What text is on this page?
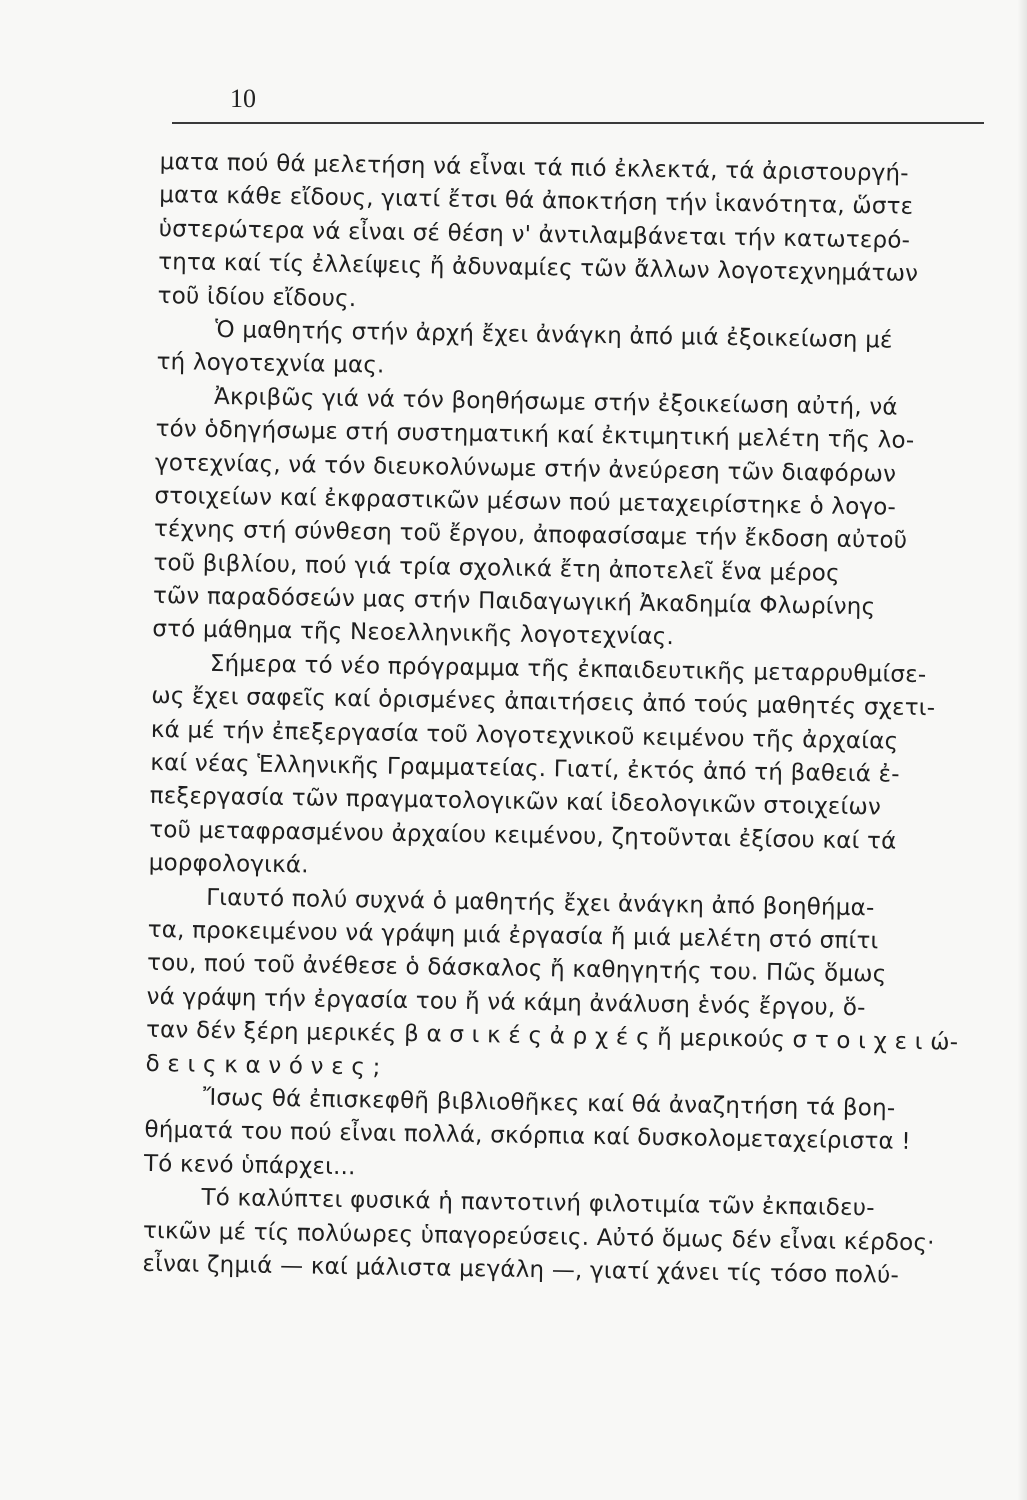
10
ματα πού θά μελετήση νά εἶναι τά πιό ἐκλεκτά, τά ἀριστουργή-
ματα κάθε εἴδους, γιατί ἔτσι θά ἀποκτήση τήν ἱκανότητα, ὥστε
ὑστερώτερα νά εἶναι σέ θέση ν' ἀντιλαμβάνεται τήν κατωτερό-
τητα καί τίς ἐλλείψεις ἤ ἀδυναμίες τῶν ἄλλων λογοτεχνημάτων
τοῦ ἰδίου εἴδους.
Ὁ μαθητής στήν ἀρχή ἔχει ἀνάγκη ἀπό μιά ἐξοικείωση μέ
τή λογοτεχνία μας.
Ἀκριβῶς γιά νά τόν βοηθήσωμε στήν ἐξοικείωση αὐτή, νά
τόν ὁδηγήσωμε στή συστηματική καί ἐκτιμητική μελέτη τῆς λο-
γοτεχνίας, νά τόν διευκολύνωμε στήν ἀνεύρεση τῶν διαφόρων
στοιχείων καί ἐκφραστικῶν μέσων πού μεταχειρίστηκε ὁ λογο-
τέχνης στή σύνθεση τοῦ ἔργου, ἀποφασίσαμε τήν ἔκδοση αὐτοῦ
τοῦ βιβλίου, πού γιά τρία σχολικά ἔτη ἀποτελεῖ ἕνα μέρος
τῶν παραδόσεών μας στήν Παιδαγωγική Ἀκαδημία Φλωρίνης
στό μάθημα τῆς Νεοελληνικῆς λογοτεχνίας.
Σήμερα τό νέο πρόγραμμα τῆς ἐκπαιδευτικῆς μεταρρυθμίσε-
ως ἔχει σαφεῖς καί ὁρισμένες ἀπαιτήσεις ἀπό τούς μαθητές σχετι-
κά μέ τήν ἐπεξεργασία τοῦ λογοτεχνικοῦ κειμένου τῆς ἀρχαίας
καί νέας Ἑλληνικῆς Γραμματείας. Γιατί, ἐκτός ἀπό τή βαθειά ἐ-
πεξεργασία τῶν πραγματολογικῶν καί ἰδεολογικῶν στοιχείων
τοῦ μεταφρασμένου ἀρχαίου κειμένου, ζητοῦνται ἐξίσου καί τά
μορφολογικά.
Γιαυτό πολύ συχνά ὁ μαθητής ἔχει ἀνάγκη ἀπό βοηθήμα-
τα, προκειμένου νά γράψη μιά ἐργασία ἤ μιά μελέτη στό σπίτι
του, πού τοῦ ἀνέθεσε ὁ δάσκαλος ἤ καθηγητής του. Πῶς ὅμως
νά γράψη τήν ἐργασία του ἤ νά κάμη ἀνάλυση ἑνός ἔργου, ὅ-
ταν δέν ξέρη μερικές β α σ ι κ έ ς ἀ ρ χ έ ς ἤ μερικούς σ τ ο ι χ ε ι ώ-
δ ε ι ς κ α ν ό ν ε ς ;
Ἴσως θά ἐπισκεφθῆ βιβλιοθῆκες καί θά ἀναζητήση τά βοη-
θήματά του πού εἶναι πολλά, σκόρπια καί δυσκολομεταχείριστα !
Τό κενό ὑπάρχει...
Τό καλύπτει φυσικά ἡ παντοτινή φιλοτιμία τῶν ἐκπαιδευ-
τικῶν μέ τίς πολύωρες ὑπαγορεύσεις. Αὐτό ὅμως δέν εἶναι κέρδος·
εἶναι ζημιά — καί μάλιστα μεγάλη —, γιατί χάνει τίς τόσο πολύ-
